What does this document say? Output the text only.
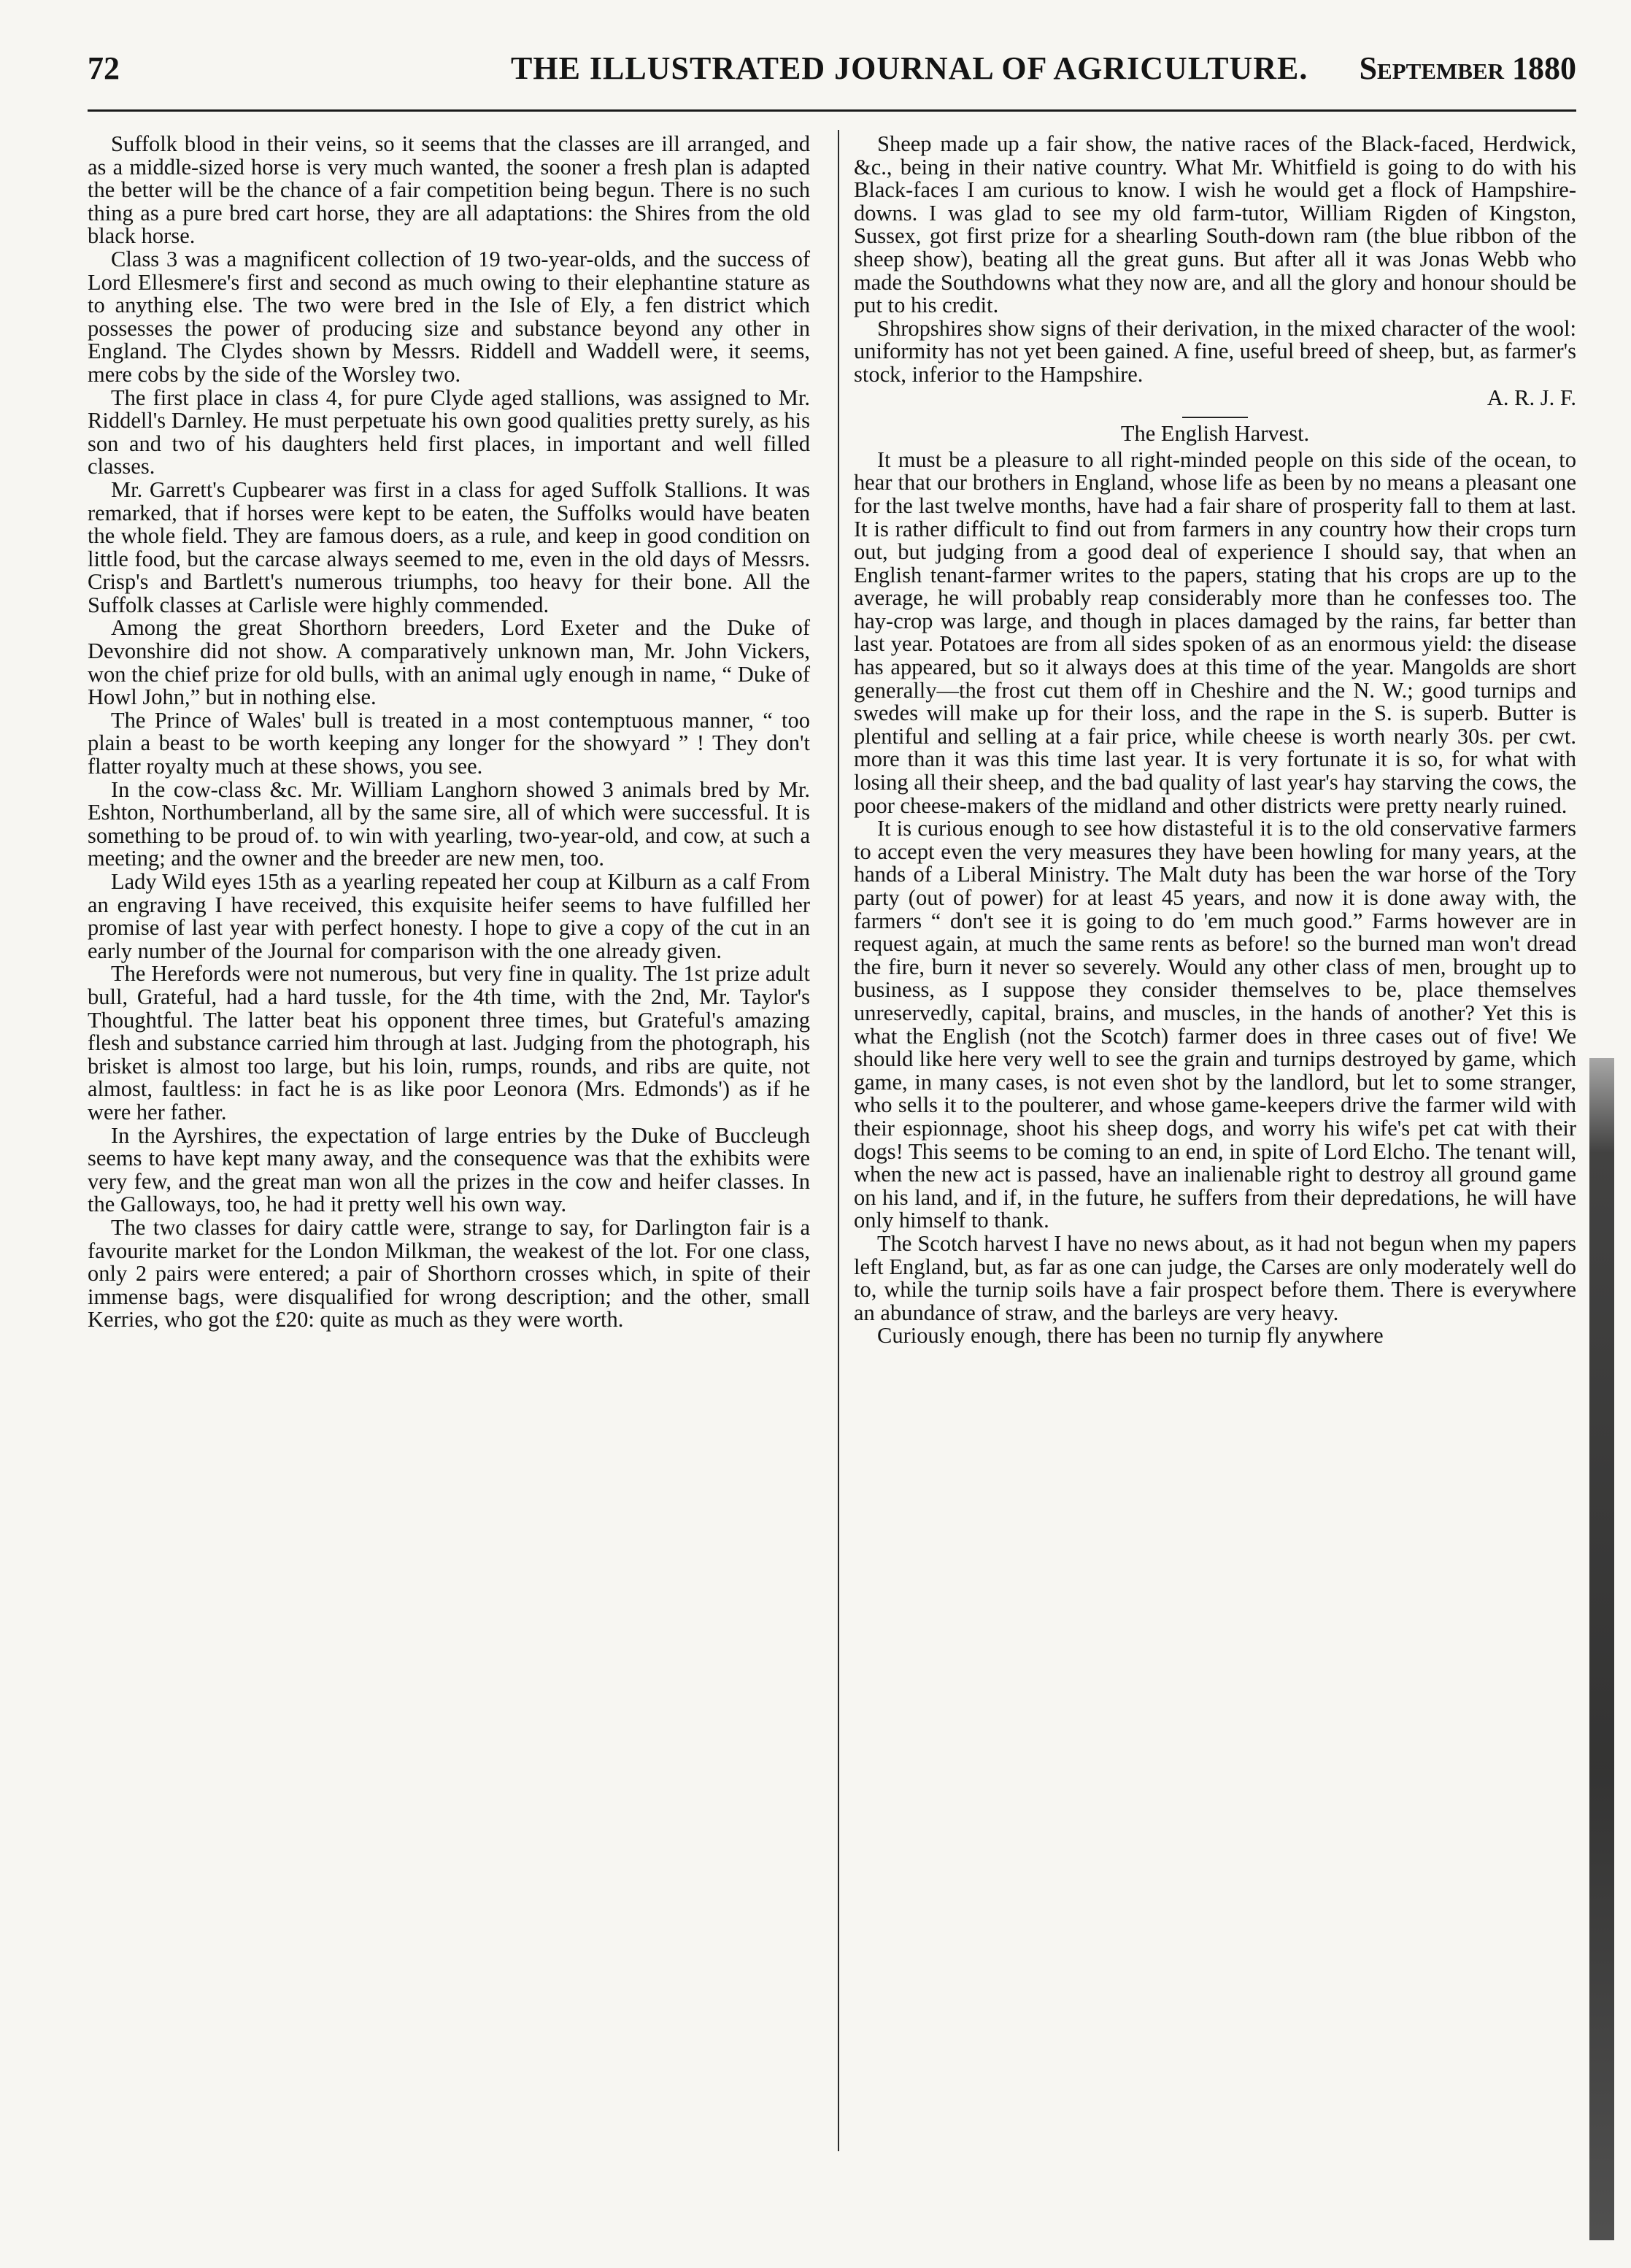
72	THE ILLUSTRATED JOURNAL OF AGRICULTURE. September 1880

Suffolk blood in their veins, so it seems that the classes are ill arranged, and as a middle-sized horse is very much wanted, the sooner a fresh plan is adapted the better will be the chance of a fair competition being begun. There is no such thing as a pure bred cart horse, they are all adaptations: the Shires from the old black horse.

Class 3 was a magnificent collection of 19 two-year-olds, and the success of Lord Ellesmere's first and second as much owing to their elephantine stature as to anything else. The two were bred in the Isle of Ely, a fen district which possesses the power of producing size and substance beyond any other in England. The Clydes shown by Messrs. Riddell and Waddell were, it seems, mere cobs by the side of the Worsley two.

The first place in class 4, for pure Clyde aged stallions, was assigned to Mr. Riddell's Darnley. He must perpetuate his own good qualities pretty surely, as his son and two of his daughters held first places, in important and well filled classes.

Mr. Garrett's Cupbearer was first in a class for aged Suffolk Stallions. It was remarked, that if horses were kept to be eaten, the Suffolks would have beaten the whole field. They are famous doers, as a rule, and keep in good condition on little food, but the carcase always seemed to me, even in the old days of Messrs. Crisp's and Bartlett's numerous triumphs, too heavy for their bone. All the Suffolk classes at Carlisle were highly commended.

Among the great Shorthorn breeders, Lord Exeter and the Duke of Devonshire did not show. A comparatively unknown man, Mr. John Vickers, won the chief prize for old bulls, with an animal ugly enough in name, “ Duke of Howl John,” but in nothing else.

The Prince of Wales' bull is treated in a most contemptuous manner, “ too plain a beast to be worth keeping any longer for the showyard ” ! They don't flatter royalty much at these shows, you see.

In the cow-class &c. Mr. William Langhorn showed 3 animals bred by Mr. Eshton, Northumberland, all by the same sire, all of which were successful. It is something to be proud of. to win with yearling, two-year-old, and cow, at such a meeting; and the owner and the breeder are new men, too.

Lady Wild eyes 15th as a yearling repeated her coup at Kilburn as a calf From an engraving I have received, this exquisite heifer seems to have fulfilled her promise of last year with perfect honesty. I hope to give a copy of the cut in an early number of the Journal for comparison with the one already given.

The Herefords were not numerous, but very fine in quality. The 1st prize adult bull, Grateful, had a hard tussle, for the 4th time, with the 2nd, Mr. Taylor's Thoughtful. The latter beat his opponent three times, but Grateful's amazing flesh and substance carried him through at last. Judging from the photograph, his brisket is almost too large, but his loin, rumps, rounds, and ribs are quite, not almost, faultless: in fact he is as like poor Leonora (Mrs. Edmonds') as if he were her father.

In the Ayrshires, the expectation of large entries by the Duke of Buccleugh seems to have kept many away, and the consequence was that the exhibits were very few, and the great man won all the prizes in the cow and heifer classes. In the Galloways, too, he had it pretty well his own way.

The two classes for dairy cattle were, strange to say, for Darlington fair is a favourite market for the London Milkman, the weakest of the lot. For one class, only 2 pairs were entered; a pair of Shorthorn crosses which, in spite of their immense bags, were disqualified for wrong description; and the other, small Kerries, who got the £20: quite as much as they were worth.

Sheep made up a fair show, the native races of the Black-faced, Herdwick, &c., being in their native country. What Mr. Whitfield is going to do with his Black-faces I am curious to know. I wish he would get a flock of Hampshire-downs. I was glad to see my old farm-tutor, William Rigden of Kingston, Sussex, got first prize for a shearling South-down ram (the blue ribbon of the sheep show), beating all the great guns. But after all it was Jonas Webb who made the Southdowns what they now are, and all the glory and honour should be put to his credit.

Shropshires show signs of their derivation, in the mixed character of the wool: uniformity has not yet been gained. A fine, useful breed of sheep, but, as farmer's stock, inferior to the Hampshire.

A. R. J. F.

The English Harvest.

It must be a pleasure to all right-minded people on this side of the ocean, to hear that our brothers in England, whose life as been by no means a pleasant one for the last twelve months, have had a fair share of prosperity fall to them at last. It is rather difficult to find out from farmers in any country how their crops turn out, but judging from a good deal of experience I should say, that when an English tenant-farmer writes to the papers, stating that his crops are up to the average, he will probably reap considerably more than he confesses too. The hay-crop was large, and though in places damaged by the rains, far better than last year. Potatoes are from all sides spoken of as an enormous yield: the disease has appeared, but so it always does at this time of the year. Mangolds are short generally—the frost cut them off in Cheshire and the N. W.; good turnips and swedes will make up for their loss, and the rape in the S. is superb. Butter is plentiful and selling at a fair price, while cheese is worth nearly 30s. per cwt. more than it was this time last year. It is very fortunate it is so, for what with losing all their sheep, and the bad quality of last year's hay starving the cows, the poor cheese-makers of the midland and other districts were pretty nearly ruined.

It is curious enough to see how distasteful it is to the old conservative farmers to accept even the very measures they have been howling for many years, at the hands of a Liberal Ministry. The Malt duty has been the war horse of the Tory party (out of power) for at least 45 years, and now it is done away with, the farmers “ don't see it is going to do 'em much good.” Farms however are in request again, at much the same rents as before! so the burned man won't dread the fire, burn it never so severely. Would any other class of men, brought up to business, as I suppose they consider themselves to be, place themselves unreservedly, capital, brains, and muscles, in the hands of another? Yet this is what the English (not the Scotch) farmer does in three cases out of five! We should like here very well to see the grain and turnips destroyed by game, which game, in many cases, is not even shot by the landlord, but let to some stranger, who sells it to the poulterer, and whose game-keepers drive the farmer wild with their espionnage, shoot his sheep dogs, and worry his wife's pet cat with their dogs! This seems to be coming to an end, in spite of Lord Elcho. The tenant will, when the new act is passed, have an inalienable right to destroy all ground game on his land, and if, in the future, he suffers from their depredations, he will have only himself to thank.

The Scotch harvest I have no news about, as it had not begun when my papers left England, but, as far as one can judge, the Carses are only moderately well do to, while the turnip soils have a fair prospect before them. There is everywhere an abundance of straw, and the barleys are very heavy.

Curiously enough, there has been no turnip fly anywhere
